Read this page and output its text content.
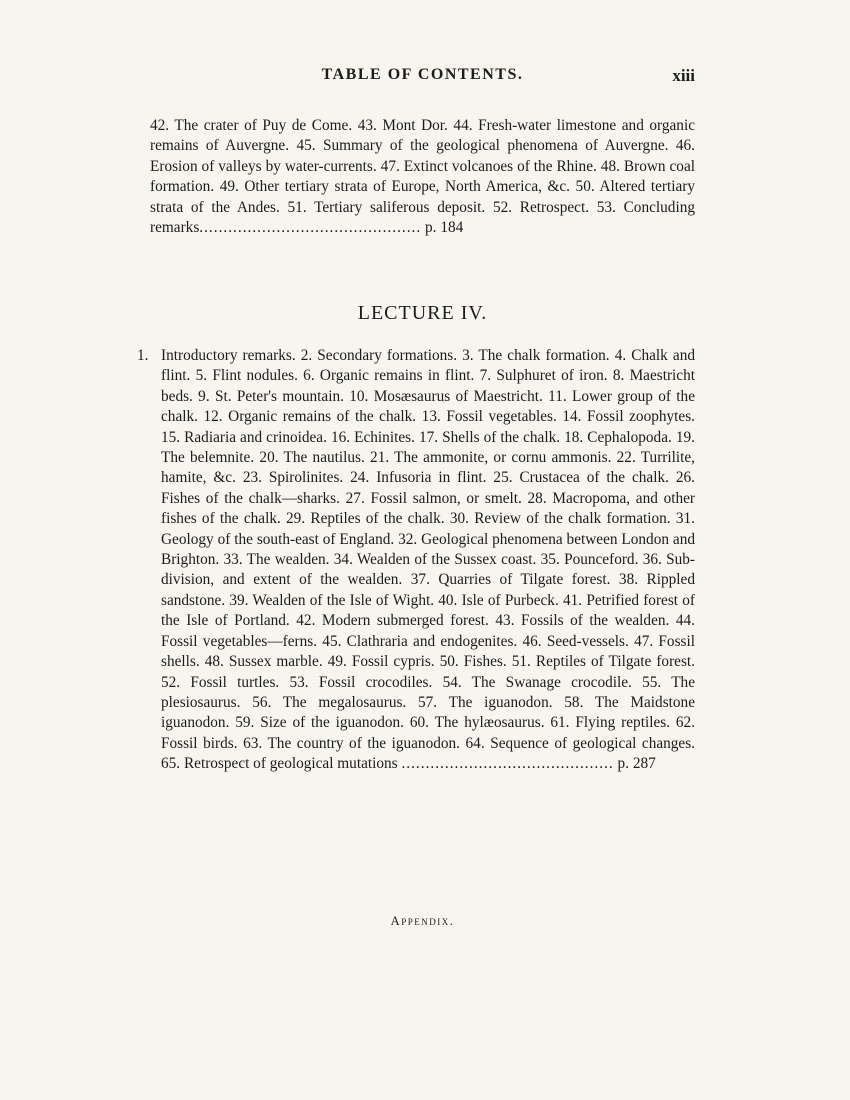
TABLE OF CONTENTS.	xiii

42. The crater of Puy de Come. 43. Mont Dor. 44. Fresh-water limestone and organic remains of Auvergne. 45. Summary of the geological phenomena of Auvergne. 46. Erosion of valleys by water-currents. 47. Extinct volcanoes of the Rhine. 48. Brown coal formation. 49. Other tertiary strata of Europe, North America, &c. 50. Altered tertiary strata of the Andes. 51. Tertiary saliferous deposit. 52. Retrospect. 53. Concluding remarks.............................................. p. 184

LECTURE IV.
1. Introductory remarks. 2. Secondary formations. 3. The chalk formation. 4. Chalk and flint. 5. Flint nodules. 6. Organic remains in flint. 7. Sulphuret of iron. 8. Maestricht beds. 9. St. Peter's mountain. 10. Mosæsaurus of Maestricht. 11. Lower group of the chalk. 12. Organic remains of the chalk. 13. Fossil vegetables. 14. Fossil zoophytes. 15. Radiaria and crinoidea. 16. Echinites. 17. Shells of the chalk. 18. Cephalopoda. 19. The belemnite. 20. The nautilus. 21. The ammonite, or cornu ammonis. 22. Turrilite, hamite, &c. 23. Spirolinites. 24. Infusoria in flint. 25. Crustacea of the chalk. 26. Fishes of the chalk—sharks. 27. Fossil salmon, or smelt. 28. Macropoma, and other fishes of the chalk. 29. Reptiles of the chalk. 30. Review of the chalk formation. 31. Geology of the south-east of England. 32. Geological phenomena between London and Brighton. 33. The wealden. 34. Wealden of the Sussex coast. 35. Pounceford. 36. Sub-division, and extent of the wealden. 37. Quarries of Tilgate forest. 38. Rippled sandstone. 39. Wealden of the Isle of Wight. 40. Isle of Purbeck. 41. Petrified forest of the Isle of Portland. 42. Modern submerged forest. 43. Fossils of the wealden. 44. Fossil vegetables—ferns. 45. Clathraria and endogenites. 46. Seed-vessels. 47. Fossil shells. 48. Sussex marble. 49. Fossil cypris. 50. Fishes. 51. Reptiles of Tilgate forest. 52. Fossil turtles. 53. Fossil crocodiles. 54. The Swanage crocodile. 55. The plesiosaurus. 56. The megalosaurus. 57. The iguanodon. 58. The Maidstone iguanodon. 59. Size of the iguanodon. 60. The hylæosaurus. 61. Flying reptiles. 62. Fossil birds. 63. The country of the iguanodon. 64. Sequence of geological changes. 65. Retrospect of geological mutations ............................................ p. 287

Appendix.
